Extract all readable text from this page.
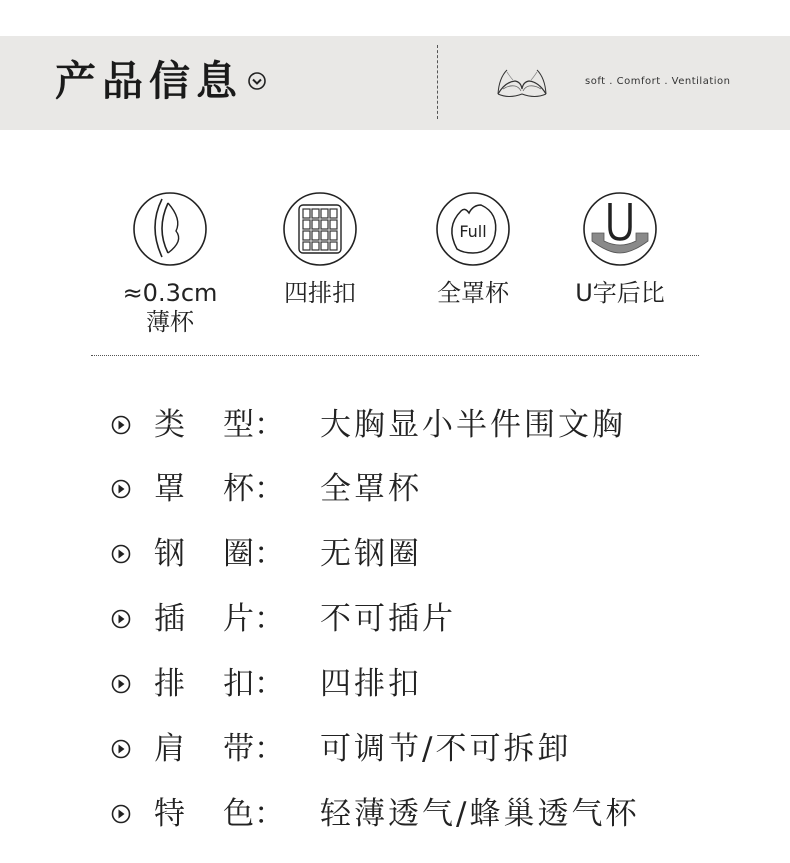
产品信息	soft . Comfort . Ventilation
≈0.3cm
薄杯
四排扣
Full
全罩杯	U字后比
类 型： 大胸显小半件围文胸
罩 杯： 全罩杯
钢 圈： 无钢圈
插 片： 不可插片
排 扣： 四排扣
肩 带： 可调节/不可拆卸
特 色： 轻薄透气/蜂巢透气杯
